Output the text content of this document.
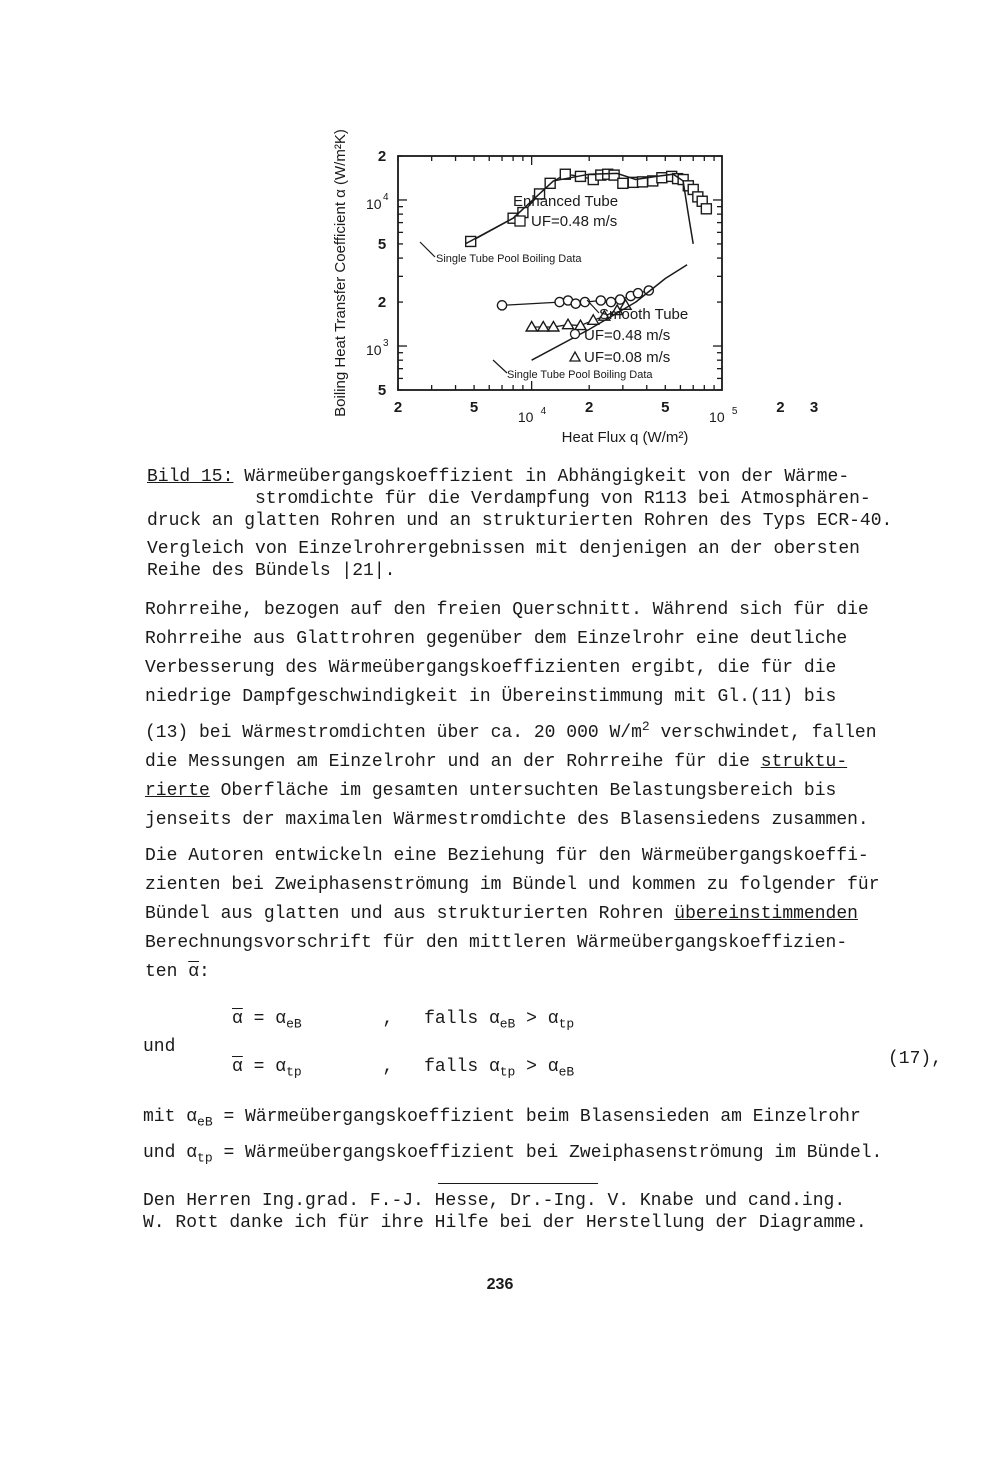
Heat Flux q (W/m²)
Boiling Heat Transfer Coefficient α (W/m²K)	2	5
10 4	2	5
10 5	2 3
2
10 4
5
2
10 3
5
Enhanced Tube
UF=0.48 m/s
Single Tube Pool Boiling Data
Smooth Tube
UF=0.48 m/s
UF=0.08 m/s
Single Tube Pool Boiling Data
Bild 15: Wärmeübergangskoeffizient in Abhängigkeit von der Wärme-
stromdichte für die Verdampfung von R113 bei Atmosphären-
druck an glatten Rohren und an strukturierten Rohren des Typs ECR-40.
Vergleich von Einzelrohrergebnissen mit denjenigen an der obersten
Reihe des Bündels |21|.
Rohrreihe, bezogen auf den freien Querschnitt. Während sich für die
Rohrreihe aus Glattrohren gegenüber dem Einzelrohr eine deutliche
Verbesserung des Wärmeübergangskoeffizienten ergibt, die für die
niedrige Dampfgeschwindigkeit in Übereinstimmung mit Gl.(11) bis
(13) bei Wärmestromdichten über ca. 20 000 $W/m^2$ verschwindet, fallen
die Messungen am Einzelrohr und an der Rohrreihe für die struktu-
rierte Oberfläche im gesamten untersuchten Belastungsbereich bis
jenseits der maximalen Wärmestromdichte des Blasensiedens zusammen.
Die Autoren entwickeln eine Beziehung für den Wärmeübergangskoeffi-
zienten bei Zweiphasenströmung im Bündel und kommen zu folgender für
Bündel aus glatten und aus strukturierten Rohren übereinstimmenden
Berechnungsvorschrift für den mittleren Wärmeübergangskoeffizien-
ten $\overline{\alpha}$:
und
$\overline{\alpha} = \alpha_{eB}$	, falls $\alpha_{eB} > \alpha_{tp}$
$\overline{\alpha} = \alpha_{tp}$	, falls $\alpha_{tp} > \alpha_{eB}$
(17),
mit $\alpha_{eB}$ = Wärmeübergangskoeffizient beim Blasensieden am Einzelrohr
und $\alpha_{tp}$ = Wärmeübergangskoeffizient bei Zweiphasenströmung im Bündel.
Den Herren Ing.grad. F.-J. Hesse, Dr.-Ing. V. Knabe und cand.ing.
W. Rott danke ich für ihre Hilfe bei der Herstellung der Diagramme.
236
